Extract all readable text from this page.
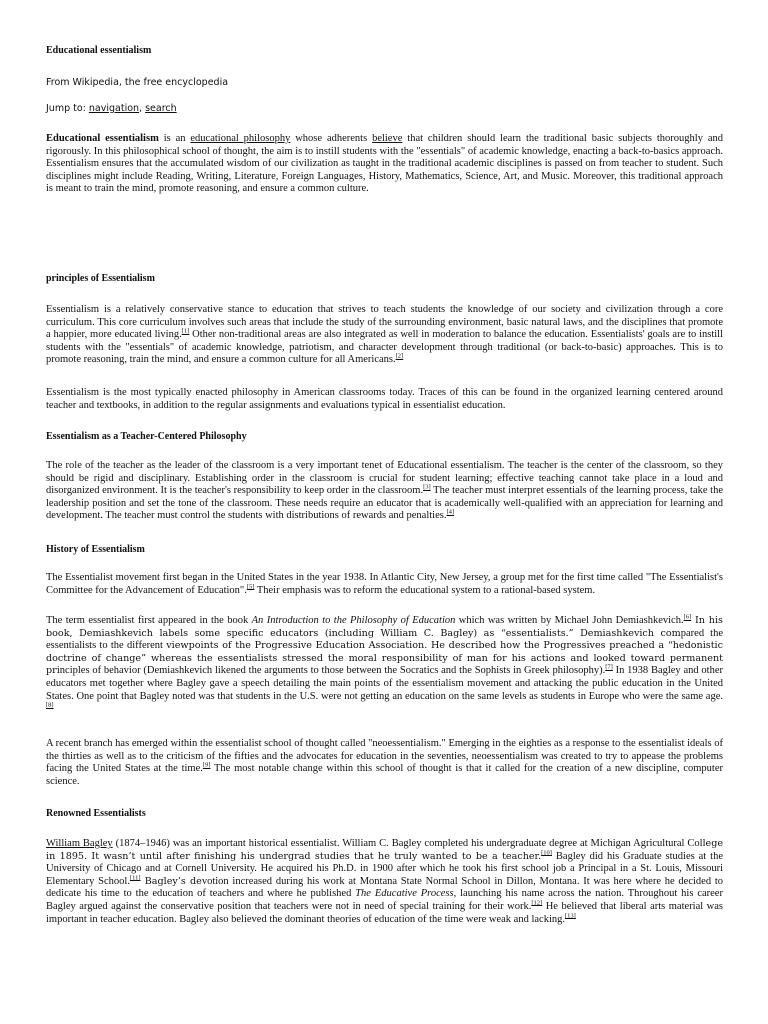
Educational essentialism
From Wikipedia, the free encyclopedia
Jump to: navigation, search

Educational essentialism is an educational philosophy whose adherents believe that children should learn the traditional basic subjects thoroughly and rigorously. In this philosophical school of thought, the aim is to instill students with the "essentials" of academic knowledge, enacting a back-to-basics approach. Essentialism ensures that the accumulated wisdom of our civilization as taught in the traditional academic disciplines is passed on from teacher to student. Such disciplines might include Reading, Writing, Literature, Foreign Languages, History, Mathematics, Science, Art, and Music. Moreover, this traditional approach is meant to train the mind, promote reasoning, and ensure a common culture.

principles of Essentialism

Essentialism is a relatively conservative stance to education that strives to teach students the knowledge of our society and civilization through a core curriculum. This core curriculum involves such areas that include the study of the surrounding environment, basic natural laws, and the disciplines that promote a happier, more educated living.[1] Other non-traditional areas are also integrated as well in moderation to balance the education. Essentialists' goals are to instill students with the "essentials" of academic knowledge, patriotism, and character development through traditional (or back-to-basic) approaches. This is to promote reasoning, train the mind, and ensure a common culture for all Americans.[2]

Essentialism is the most typically enacted philosophy in American classrooms today. Traces of this can be found in the organized learning centered around teacher and textbooks, in addition to the regular assignments and evaluations typical in essentialist education.

Essentialism as a Teacher-Centered Philosophy

The role of the teacher as the leader of the classroom is a very important tenet of Educational essentialism. The teacher is the center of the classroom, so they should be rigid and disciplinary. Establishing order in the classroom is crucial for student learning; effective teaching cannot take place in a loud and disorganized environment. It is the teacher's responsibility to keep order in the classroom.[3] The teacher must interpret essentials of the learning process, take the leadership position and set the tone of the classroom. These needs require an educator that is academically well-qualified with an appreciation for learning and development. The teacher must control the students with distributions of rewards and penalties.[4]

History of Essentialism

The Essentialist movement first began in the United States in the year 1938. In Atlantic City, New Jersey, a group met for the first time called "The Essentialist's Committee for the Advancement of Education".[5] Their emphasis was to reform the educational system to a rational-based system.

The term essentialist first appeared in the book An Introduction to the Philosophy of Education which was written by Michael John Demiashkevich.[6] In his book, Demiashkevich labels some specific educators (including William C. Bagley) as “essentialists.” Demiashkevich compared the essentialists to the different viewpoints of the Progressive Education Association. He described how the Progressives preached a “hedonistic doctrine of change” whereas the essentialists stressed the moral responsibility of man for his actions and looked toward permanent principles of behavior (Demiashkevich likened the arguments to those between the Socratics and the Sophists in Greek philosophy).[7] In 1938 Bagley and other educators met together where Bagley gave a speech detailing the main points of the essentialism movement and attacking the public education in the United States. One point that Bagley noted was that students in the U.S. were not getting an education on the same levels as students in Europe who were the same age.[8]

A recent branch has emerged within the essentialist school of thought called "neoessentialism." Emerging in the eighties as a response to the essentialist ideals of the thirties as well as to the criticism of the fifties and the advocates for education in the seventies, neoessentialism was created to try to appease the problems facing the United States at the time.[9] The most notable change within this school of thought is that it called for the creation of a new discipline, computer science.

Renowned Essentialists

William Bagley (1874–1946) was an important historical essentialist. William C. Bagley completed his undergraduate degree at Michigan Agricultural College in 1895. It wasn’t until after finishing his undergrad studies that he truly wanted to be a teacher.[10] Bagley did his Graduate studies at the University of Chicago and at Cornell University. He acquired his Ph.D. in 1900 after which he took his first school job a Principal in a St. Louis, Missouri Elementary School.[11] Bagley’s devotion increased during his work at Montana State Normal School in Dillon, Montana. It was here where he decided to dedicate his time to the education of teachers and where he published The Educative Process, launching his name across the nation. Throughout his career Bagley argued against the conservative position that teachers were not in need of special training for their work.[12] He believed that liberal arts material was important in teacher education. Bagley also believed the dominant theories of education of the time were weak and lacking.[13]
